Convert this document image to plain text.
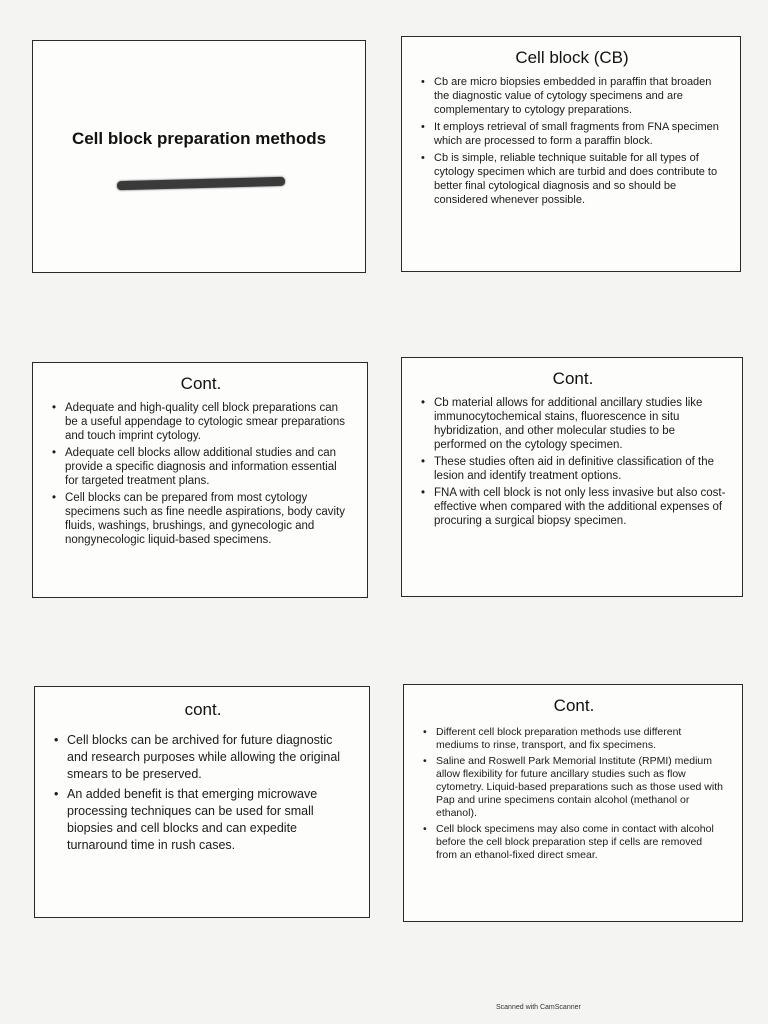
Cell block preparation methods
Cell block (CB)
• Cb are micro biopsies embedded in paraffin that broaden the diagnostic value of cytology specimens and are complementary to cytology preparations.
• It employs retrieval of small fragments from FNA specimen which are processed to form a paraffin block.
• Cb is simple, reliable technique suitable for all types of cytology specimen which are turbid and does contribute to better final cytological diagnosis and so should be considered whenever possible.
Cont.
• Adequate and high-quality cell block preparations can be a useful appendage to cytologic smear preparations and touch imprint cytology.
• Adequate cell blocks allow additional studies and can provide a specific diagnosis and information essential for targeted treatment plans.
• Cell blocks can be prepared from most cytology specimens such as fine needle aspirations, body cavity fluids, washings, brushings, and gynecologic and nongynecologic liquid-based specimens.
Cont.
• Cb material allows for additional ancillary studies like immunocytochemical stains, fluorescence in situ hybridization, and other molecular studies to be performed on the cytology specimen.
• These studies often aid in definitive classification of the lesion and identify treatment options.
• FNA with cell block is not only less invasive but also cost-effective when compared with the additional expenses of procuring a surgical biopsy specimen.
cont.
• Cell blocks can be archived for future diagnostic and research purposes while allowing the original smears to be preserved.
• An added benefit is that emerging microwave processing techniques can be used for small biopsies and cell blocks and can expedite turnaround time in rush cases.
Cont.
• Different cell block preparation methods use different mediums to rinse, transport, and fix specimens.
• Saline and Roswell Park Memorial Institute (RPMI) medium allow flexibility for future ancillary studies such as flow cytometry. Liquid-based preparations such as those used with Pap and urine specimens contain alcohol (methanol or ethanol).
• Cell block specimens may also come in contact with alcohol before the cell block preparation step if cells are removed from an ethanol-fixed direct smear.
Scanned with CamScanner
